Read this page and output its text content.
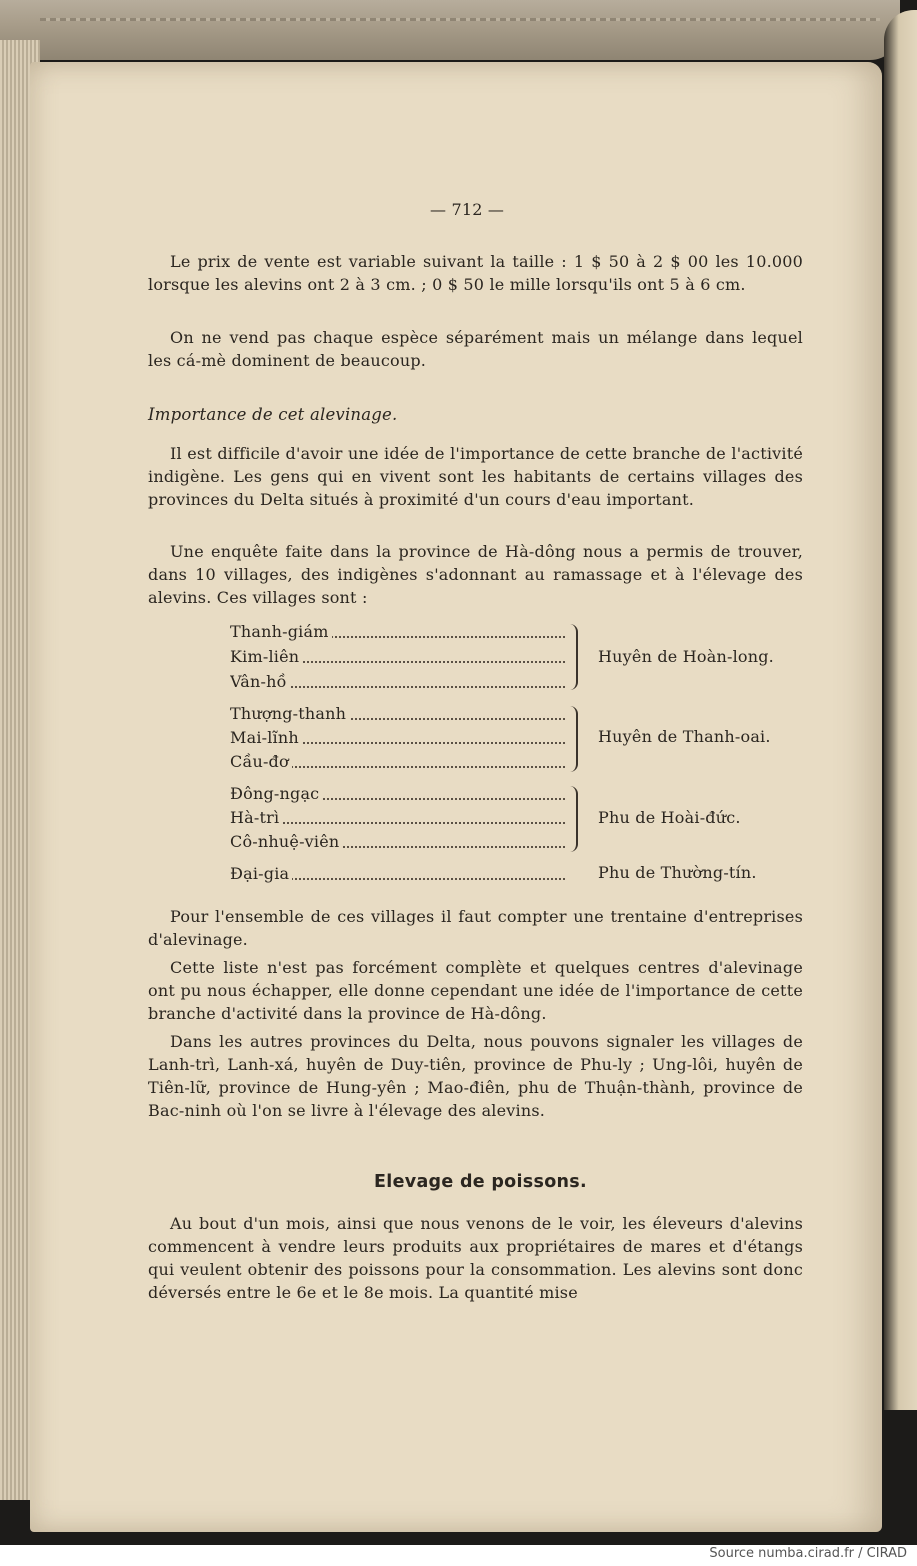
— 712 —

Le prix de vente est variable suivant la taille : 1 $ 50 à 2 $ 00 les 10.000 lorsque les alevins ont 2 à 3 cm. ; 0 $ 50 le mille lorsqu'ils ont 5 à 6 cm.

On ne vend pas chaque espèce séparément mais un mélange dans lequel les cá-mè dominent de beaucoup.

Importance de cet alevinage.

Il est difficile d'avoir une idée de l'importance de cette branche de l'activité indigène. Les gens qui en vivent sont les habitants de certains villages des provinces du Delta situés à proximité d'un cours d'eau important.

Une enquête faite dans la province de Hà-dông nous a permis de trouver, dans 10 villages, des indigènes s'adonnant au ramassage et à l'élevage des alevins. Ces villages sont :

Thanh-giám
Kim-liên
Vân-hồ
Huyên de Hoàn-long.
Thượng-thanh
Mai-lĩnh
Cầu-đơ
Huyên de Thanh-oai.
Đông-ngạc
Hà-trì
Cô-nhuệ-viên
Phu de Hoài-đức.
Đại-gia	Phu de Thường-tín.

Pour l'ensemble de ces villages il faut compter une trentaine d'entreprises d'alevinage.

Cette liste n'est pas forcément complète et quelques centres d'alevinage ont pu nous échapper, elle donne cependant une idée de l'importance de cette branche d'activité dans la province de Hà-dông.

Dans les autres provinces du Delta, nous pouvons signaler les villages de Lanh-trì, Lanh-xá, huyên de Duy-tiên, province de Phu-ly ; Ung-lôi, huyên de Tiên-lữ, province de Hung-yên ; Mao-điên, phu de Thuận-thành, province de Bac-ninh où l'on se livre à l'élevage des alevins.

Elevage de poissons.

Au bout d'un mois, ainsi que nous venons de le voir, les éleveurs d'alevins commencent à vendre leurs produits aux propriétaires de mares et d'étangs qui veulent obtenir des poissons pour la consommation. Les alevins sont donc déversés entre le 6e et le 8e mois. La quantité mise

Source numba.cirad.fr / CIRAD
